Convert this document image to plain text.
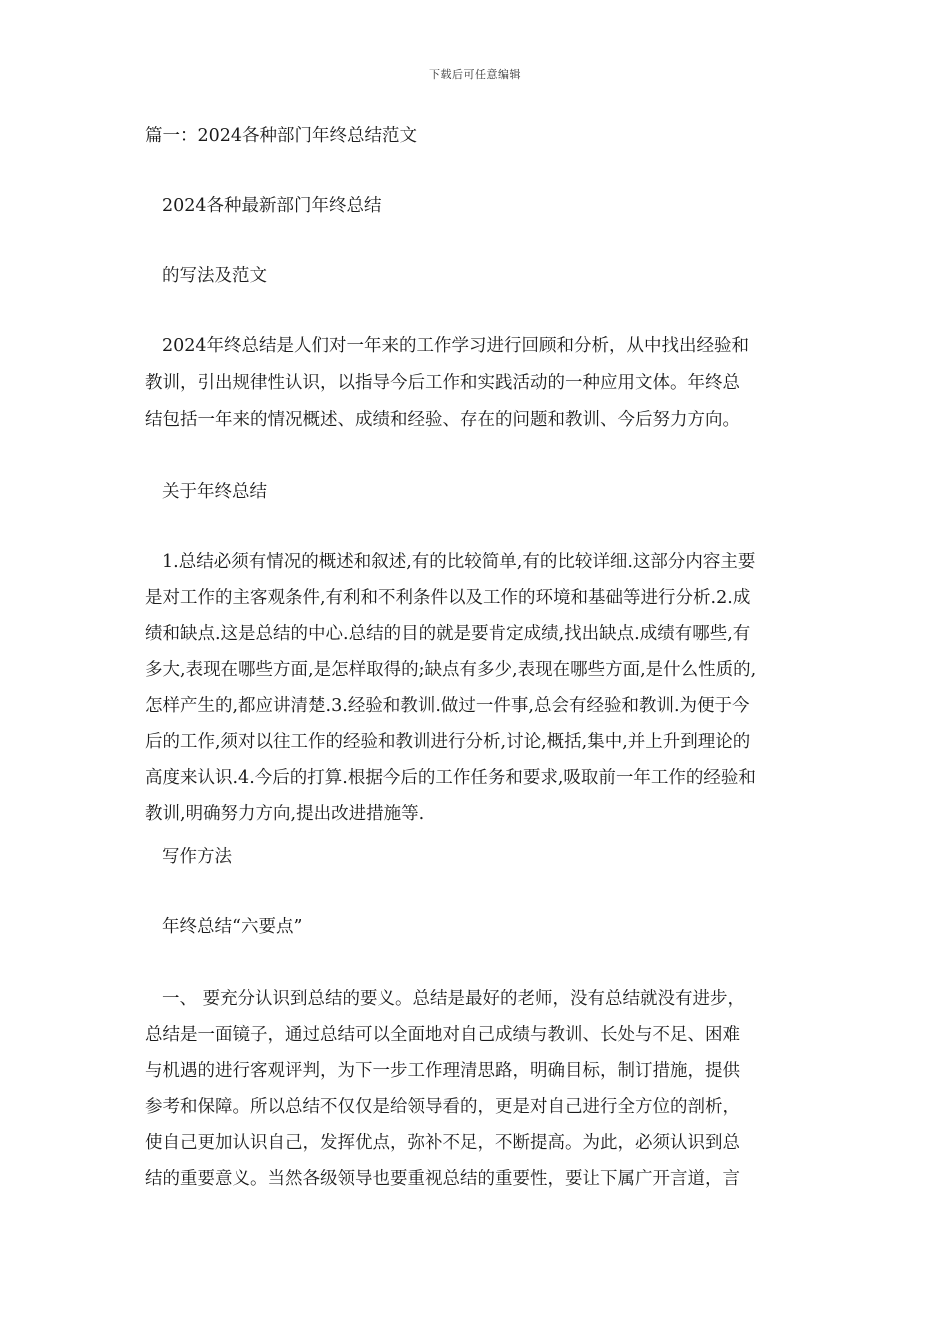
下载后可任意编辑
篇一：2024各种部门年终总结范文
2024各种最新部门年终总结
的写法及范文
2024年终总结是人们对一年来的工作学习进行回顾和分析，从中找出经验和
教训，引出规律性认识，以指导今后工作和实践活动的一种应用文体。年终总
结包括一年来的情况概述、成绩和经验、存在的问题和教训、今后努力方向。
关于年终总结
1.总结必须有情况的概述和叙述,有的比较简单,有的比较详细.这部分内容主要
是对工作的主客观条件,有利和不利条件以及工作的环境和基础等进行分析.2.成
绩和缺点.这是总结的中心.总结的目的就是要肯定成绩,找出缺点.成绩有哪些,有
多大,表现在哪些方面,是怎样取得的;缺点有多少,表现在哪些方面,是什么性质的,
怎样产生的,都应讲清楚.3.经验和教训.做过一件事,总会有经验和教训.为便于今
后的工作,须对以往工作的经验和教训进行分析,讨论,概括,集中,并上升到理论的
高度来认识.4.今后的打算.根据今后的工作任务和要求,吸取前一年工作的经验和
教训,明确努力方向,提出改进措施等.
写作方法
年终总结“六要点”
一、 要充分认识到总结的要义。总结是最好的老师，没有总结就没有进步，
总结是一面镜子，通过总结可以全面地对自己成绩与教训、长处与不足、困难
与机遇的进行客观评判，为下一步工作理清思路，明确目标，制订措施，提供
参考和保障。所以总结不仅仅是给领导看的，更是对自己进行全方位的剖析，
使自己更加认识自己，发挥优点，弥补不足，不断提高。为此，必须认识到总
结的重要意义。当然各级领导也要重视总结的重要性，要让下属广开言道，言
